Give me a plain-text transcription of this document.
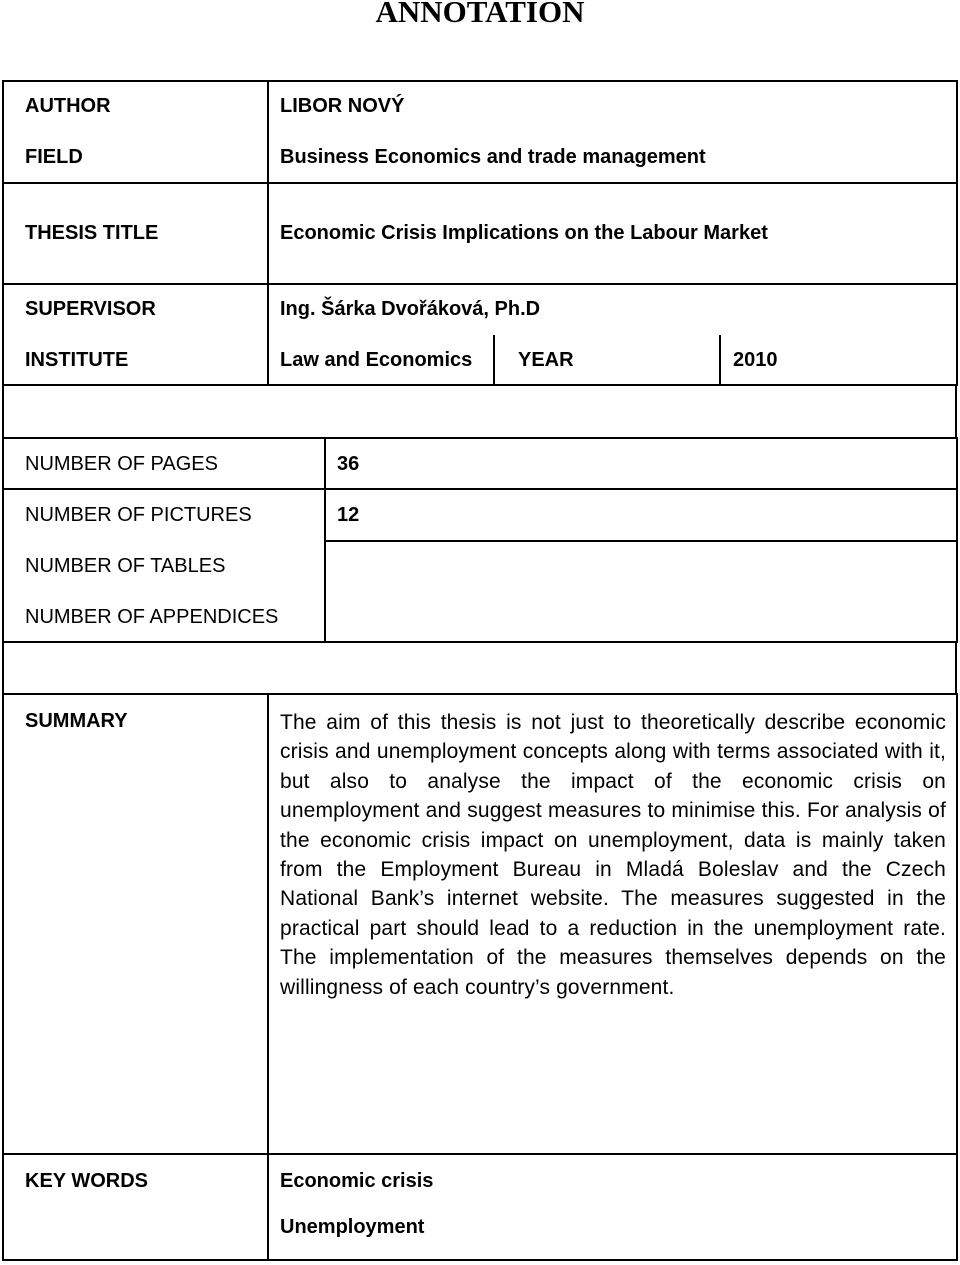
ANNOTATION
AUTHOR	LIBOR NOVÝ
FIELD	Business Economics and trade management
THESIS TITLE	Economic Crisis Implications on the Labour Market
SUPERVISOR	Ing. Šárka Dvořáková, Ph.D
INSTITUTE	Law and Economics YEAR	2010
NUMBER OF PAGES	36
NUMBER OF PICTURES	12
NUMBER OF TABLES
NUMBER OF APPENDICES
SUMMARY	The aim of this thesis is not just to theoretically describe economic crisis and unemployment concepts along with terms associated with it, but also to analyse the impact of the economic crisis on unemployment and suggest measures to minimise this. For analysis of the economic crisis impact on unemployment, data is mainly taken from the Employment Bureau in Mladá Boleslav and the Czech National Bank’s internet website. The measures suggested in the practical part should lead to a reduction in the unemployment rate. The implementation of the measures themselves depends on the willingness of each country’s government.
KEY WORDS	Economic crisis
Unemployment
